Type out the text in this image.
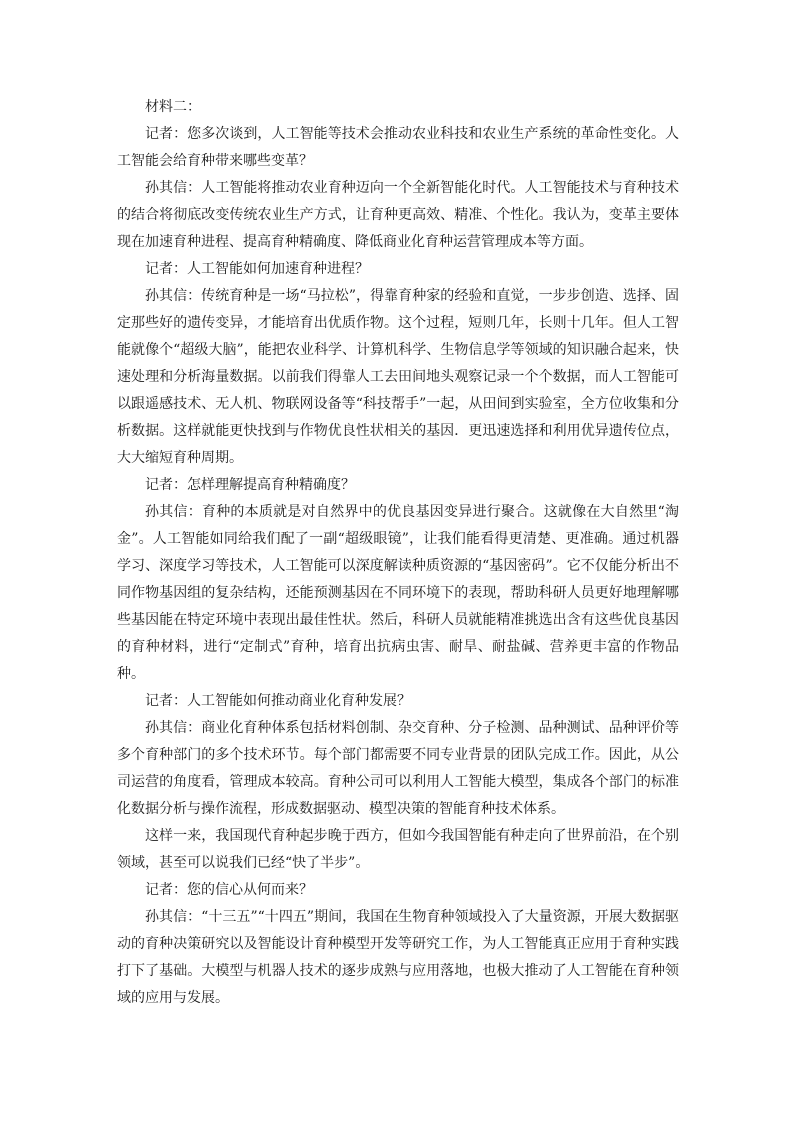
材料二：

记者：您多次谈到，人工智能等技术会推动农业科技和农业生产系统的革命性变化。人工智能会给育种带来哪些变革？

孙其信：人工智能将推动农业育种迈向一个全新智能化时代。人工智能技术与育种技术的结合将彻底改变传统农业生产方式，让育种更高效、精准、个性化。我认为，变革主要体现在加速育种进程、提高育种精确度、降低商业化育种运营管理成本等方面。

记者：人工智能如何加速育种进程？

孙其信：传统育种是一场“马拉松”，得靠育种家的经验和直觉，一步步创造、选择、固定那些好的遗传变异，才能培育出优质作物。这个过程，短则几年，长则十几年。但人工智能就像个“超级大脑”，能把农业科学、计算机科学、生物信息学等领域的知识融合起来，快速处理和分析海量数据。以前我们得靠人工去田间地头观察记录一个个数据，而人工智能可以跟遥感技术、无人机、物联网设备等“科技帮手”一起，从田间到实验室，全方位收集和分析数据。这样就能更快找到与作物优良性状相关的基因．更迅速选择和利用优异遗传位点，大大缩短育种周期。

记者：怎样理解提高育种精确度？

孙其信：育种的本质就是对自然界中的优良基因变异进行聚合。这就像在大自然里“淘金”。人工智能如同给我们配了一副“超级眼镜”，让我们能看得更清楚、更准确。通过机器学习、深度学习等技术，人工智能可以深度解读种质资源的“基因密码”。它不仅能分析出不同作物基因组的复杂结构，还能预测基因在不同环境下的表现，帮助科研人员更好地理解哪些基因能在特定环境中表现出最佳性状。然后，科研人员就能精准挑选出含有这些优良基因的育种材料，进行“定制式”育种，培育出抗病虫害、耐旱、耐盐碱、营养更丰富的作物品种。

记者：人工智能如何推动商业化育种发展？

孙其信：商业化育种体系包括材料创制、杂交育种、分子检测、品种测试、品种评价等多个育种部门的多个技术环节。每个部门都需要不同专业背景的团队完成工作。因此，从公司运营的角度看，管理成本较高。育种公司可以利用人工智能大模型，集成各个部门的标准化数据分析与操作流程，形成数据驱动、模型决策的智能育种技术体系。

这样一来，我国现代育种起步晚于西方，但如今我国智能有种走向了世界前沿，在个别领域，甚至可以说我们已经“快了半步”。

记者：您的信心从何而来？

孙其信：“十三五”“十四五”期间，我国在生物育种领域投入了大量资源，开展大数据驱动的育种决策研究以及智能设计育种模型开发等研究工作，为人工智能真正应用于育种实践打下了基础。大模型与机器人技术的逐步成熟与应用落地，也极大推动了人工智能在育种领域的应用与发展。
